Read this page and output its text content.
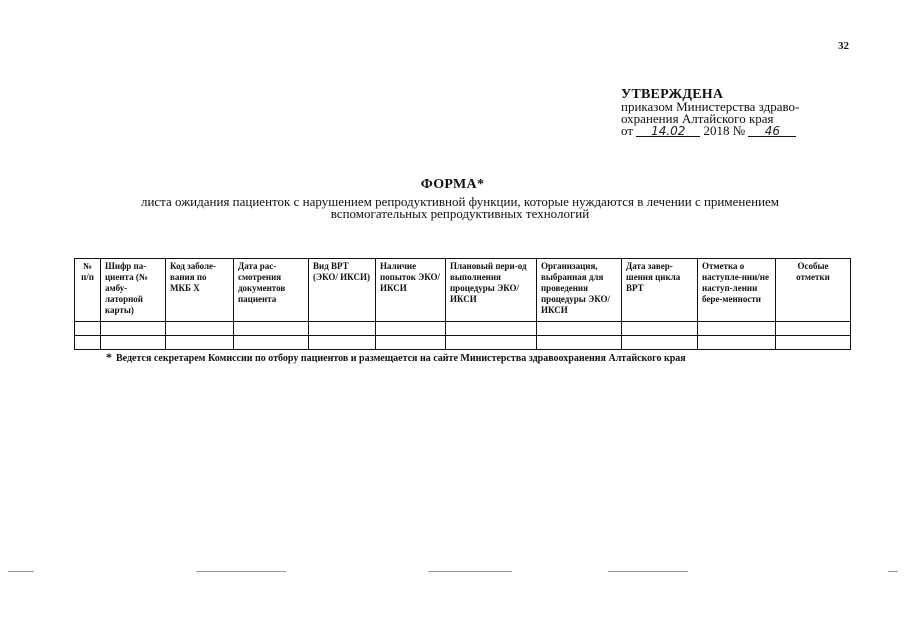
32
УТВЕРЖДЕНА
приказом Министерства здраво-
охранения Алтайского края
от 14.02 2018 № 46
ФОРМА*
листа ожидания пациенток с нарушением репродуктивной функции, которые нуждаются в лечении с применением
вспомогательных репродуктивных технологий
№ п/п	Шифр па-циента (№ амбу-латорной карты)	Код заболе-вания по МКБ X	Дата рас-смотрения документов пациента	Вид ВРТ (ЭКО/ ИКСИ)	Наличие попыток ЭКО/ ИКСИ	Плановый пери-од выполнения процедуры ЭКО/ ИКСИ	Организация, выбранная для проведения процедуры ЭКО/ИКСИ	Дата завер-шения цикла ВРТ	Отметка о наступле-нии/не наступ-лении бере-менности	Особые отметки

* Ведется секретарем Комиссии по отбору пациентов и размещается на сайте Министерства здравоохранения Алтайского края
